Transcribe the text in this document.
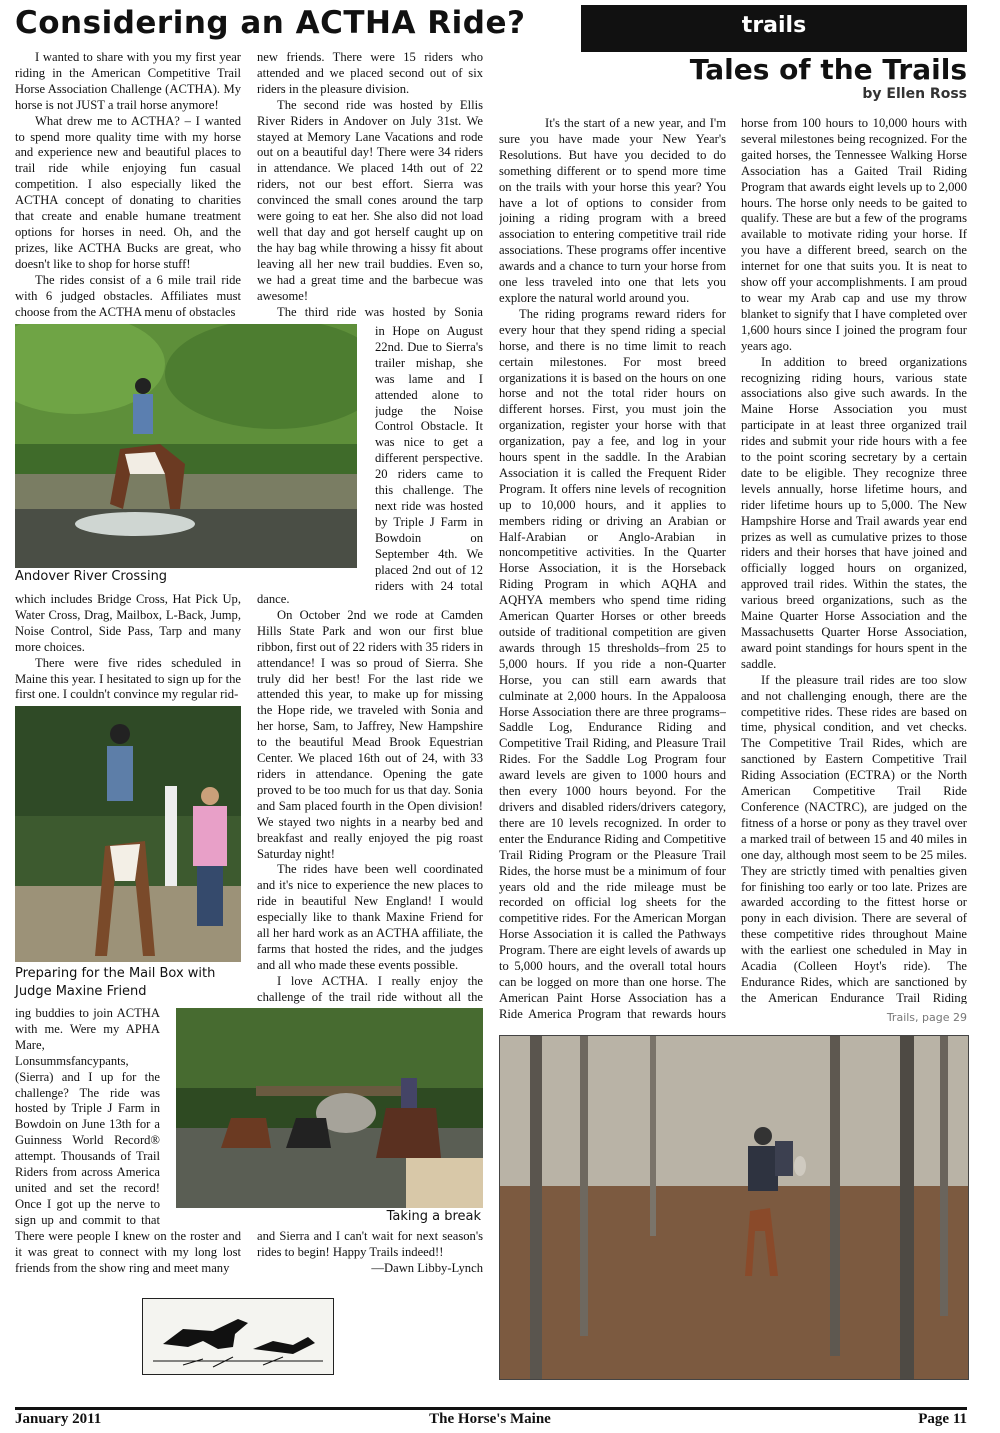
Considering an ACTHA Ride?	trails
Tales of the Trails
by Ellen Ross

I wanted to share with you my first year riding in the American Competitive Trail Horse Association Challenge (ACTHA). My horse is not JUST a trail horse anymore!

What drew me to ACTHA? – I wanted to spend more quality time with my horse and experience new and beautiful places to trail ride while enjoying fun casual competition. I also especially liked the ACTHA concept of donating to charities that create and enable humane treatment options for horses in need. Oh, and the prizes, like ACTHA Bucks are great, who doesn't like to shop for horse stuff!

The rides consist of a 6 mile trail ride with 6 judged obstacles. Affiliates must choose from the ACTHA menu of obstacles

new friends. There were 15 riders who attended and we placed second out of six riders in the pleasure division.

The second ride was hosted by Ellis River Riders in Andover on July 31st. We stayed at Memory Lane Vacations and rode out on a beautiful day! There were 34 riders in attendance. We placed 14th out of 22 riders, not our best effort. Sierra was convinced the small cones around the tarp were going to eat her. She also did not load well that day and got herself caught up on the hay bag while throwing a hissy fit about leaving all her new trail buddies. Even so, we had a great time and the barbecue was awesome!

The third ride was hosted by Sonia

Andover River Crossing

in Hope on August 22nd. Due to Sierra's trailer mishap, she was lame and I attended alone to judge the Noise Control Obstacle. It was nice to get a different perspective. 20 riders came to this challenge. The next ride was hosted by Triple J Farm in Bowdoin on September 4th. We placed 2nd out of 12 riders with 24 total

which includes Bridge Cross, Hat Pick Up, Water Cross, Drag, Mailbox, L-Back, Jump, Noise Control, Side Pass, Tarp and many more choices.

There were five rides scheduled in Maine this year. I hesitated to sign up for the first one. I couldn't convince my regular rid-

dance.

On October 2nd we rode at Camden Hills State Park and won our first blue ribbon, first out of 22 riders with 35 riders in attendance! I was so proud of Sierra. She truly did her best! For the last ride we attended this year, to make up for missing the Hope ride, we traveled with Sonia and her horse, Sam, to Jaffrey, New Hampshire to the beautiful Mead Brook Equestrian Center. We placed 16th out of 24, with 33 riders in attendance. Opening the gate proved to be too much for us that day. Sonia and Sam placed fourth in the Open division! We stayed two nights in a nearby bed and breakfast and really enjoyed the pig roast Saturday night!

The rides have been well coordinated and it's nice to experience the new places to ride in beautiful New England! I would especially like to thank Maxine Friend for all her hard work as an ACTHA affiliate, the farms that hosted the rides, and the judges and all who made these events possible.

I love ACTHA. I really enjoy the challenge of the trail ride without all the

Preparing for the Mail Box with Judge Maxine Friend
Taking a break

ing buddies to join ACTHA with me. Were my APHA Mare, Lonsummsfancypants, (Sierra) and I up for the challenge? The ride was hosted by Triple J Farm in Bowdoin on June 13th for a Guinness World Record® attempt. Thousands of Trail Riders from across America united and set the record! Once I got up the nerve to sign up and commit to that

There were people I knew on the roster and it was great to connect with my long lost friends from the show ring and meet many

and Sierra and I can't wait for next season's rides to begin! Happy Trails indeed!!

—Dawn Libby-Lynch

It's the start of a new year, and I'm sure you have made your New Year's Resolutions. But have you decided to do something different or to spend more time on the trails with your horse this year? You have a lot of options to consider from joining a riding program with a breed association to entering competitive trail ride associations. These programs offer incentive awards and a chance to turn your horse from one less traveled into one that lets you explore the natural world around you.

The riding programs reward riders for every hour that they spend riding a special horse, and there is no time limit to reach certain milestones. For most breed organizations it is based on the hours on one horse and not the total rider hours on different horses. First, you must join the organization, register your horse with that organization, pay a fee, and log in your hours spent in the saddle. In the Arabian Association it is called the Frequent Rider Program. It offers nine levels of recognition up to 10,000 hours, and it applies to members riding or driving an Arabian or Half-Arabian or Anglo-Arabian in noncompetitive activities. In the Quarter Horse Association, it is the Horseback Riding Program in which AQHA and AQHYA members who spend time riding American Quarter Horses or other breeds outside of traditional competition are given awards through 15 thresholds–from 25 to 5,000 hours. If you ride a non-Quarter Horse, you can still earn awards that culminate at 2,000 hours. In the Appaloosa Horse Association there are three programs–Saddle Log, Endurance Riding and Competitive Trail Riding, and Pleasure Trail Rides. For the Saddle Log Program four award levels are given to 1000 hours and then every 1000 hours beyond. For the drivers and disabled riders/drivers category, there are 10 levels recognized. In order to enter the Endurance Riding and Competitive Trail Riding Program or the Pleasure Trail Rides, the horse must be a minimum of four years old and the ride mileage must be recorded on official log sheets for the competitive rides. For the American Morgan Horse Association it is called the Pathways Program. There are eight levels of awards up to 5,000 hours, and the overall total hours can be logged on more than one horse. The American Paint Horse Association has a Ride America Program that rewards hours

horse from 100 hours to 10,000 hours with several milestones being recognized. For the gaited horses, the Tennessee Walking Horse Association has a Gaited Trail Riding Program that awards eight levels up to 2,000 hours. The horse only needs to be gaited to qualify. These are but a few of the programs available to motivate riding your horse. If you have a different breed, search on the internet for one that suits you. It is neat to show off your accomplishments. I am proud to wear my Arab cap and use my throw blanket to signify that I have completed over 1,600 hours since I joined the program four years ago.

In addition to breed organizations recognizing riding hours, various state associations also give such awards. In the Maine Horse Association you must participate in at least three organized trail rides and submit your ride hours with a fee to the point scoring secretary by a certain date to be eligible. They recognize three levels annually, horse lifetime hours, and rider lifetime hours up to 5,000. The New Hampshire Horse and Trail awards year end prizes as well as cumulative prizes to those riders and their horses that have joined and officially logged hours on organized, approved trail rides. Within the states, the various breed organizations, such as the Maine Quarter Horse Association and the Massachusetts Quarter Horse Association, award point standings for hours spent in the saddle.

If the pleasure trail rides are too slow and not challenging enough, there are the competitive rides. These rides are based on time, physical condition, and vet checks. The Competitive Trail Rides, which are sanctioned by Eastern Competitive Trail Riding Association (ECTRA) or the North American Competitive Trail Ride Conference (NACTRC), are judged on the fitness of a horse or pony as they travel over a marked trail of between 15 and 40 miles in one day, although most seem to be 25 miles. They are strictly timed with penalties given for finishing too early or too late. Prizes are awarded according to the fittest horse or pony in each division. There are several of these competitive rides throughout Maine with the earliest one scheduled in May in Acadia (Colleen Hoyt's ride). The Endurance Rides, which are sanctioned by the American Endurance Trail Riding

Trails, page 29
January 2011	The Horse's Maine	Page 11
